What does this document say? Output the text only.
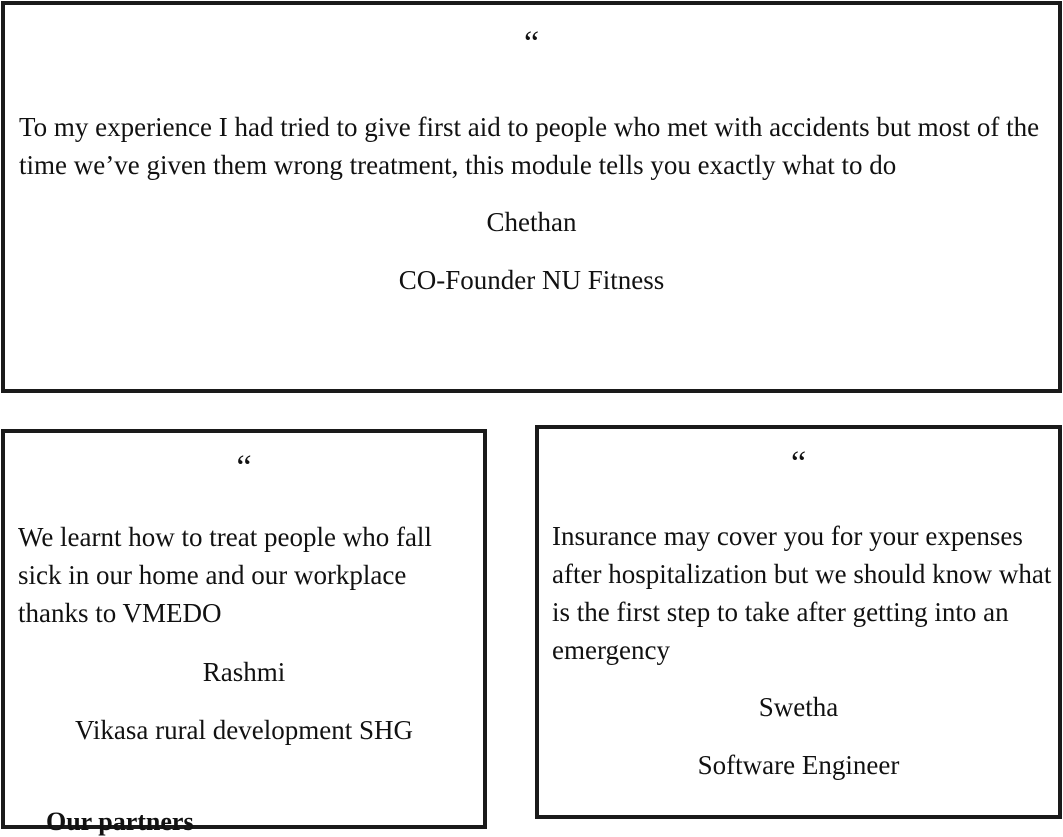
“

To my experience I had tried to give first aid to people who met with accidents but most of the time we’ve given them wrong treatment, this module tells you exactly what to do

Chethan
CO-Founder NU Fitness
“

We learnt how to treat people who fall sick in our home and our workplace thanks to VMEDO

Rashmi
Vikasa rural development SHG
“

Insurance may cover you for your expenses after hospitalization but we should know what is the first step to take after getting into an emergency

Swetha
Software Engineer
Our partners
